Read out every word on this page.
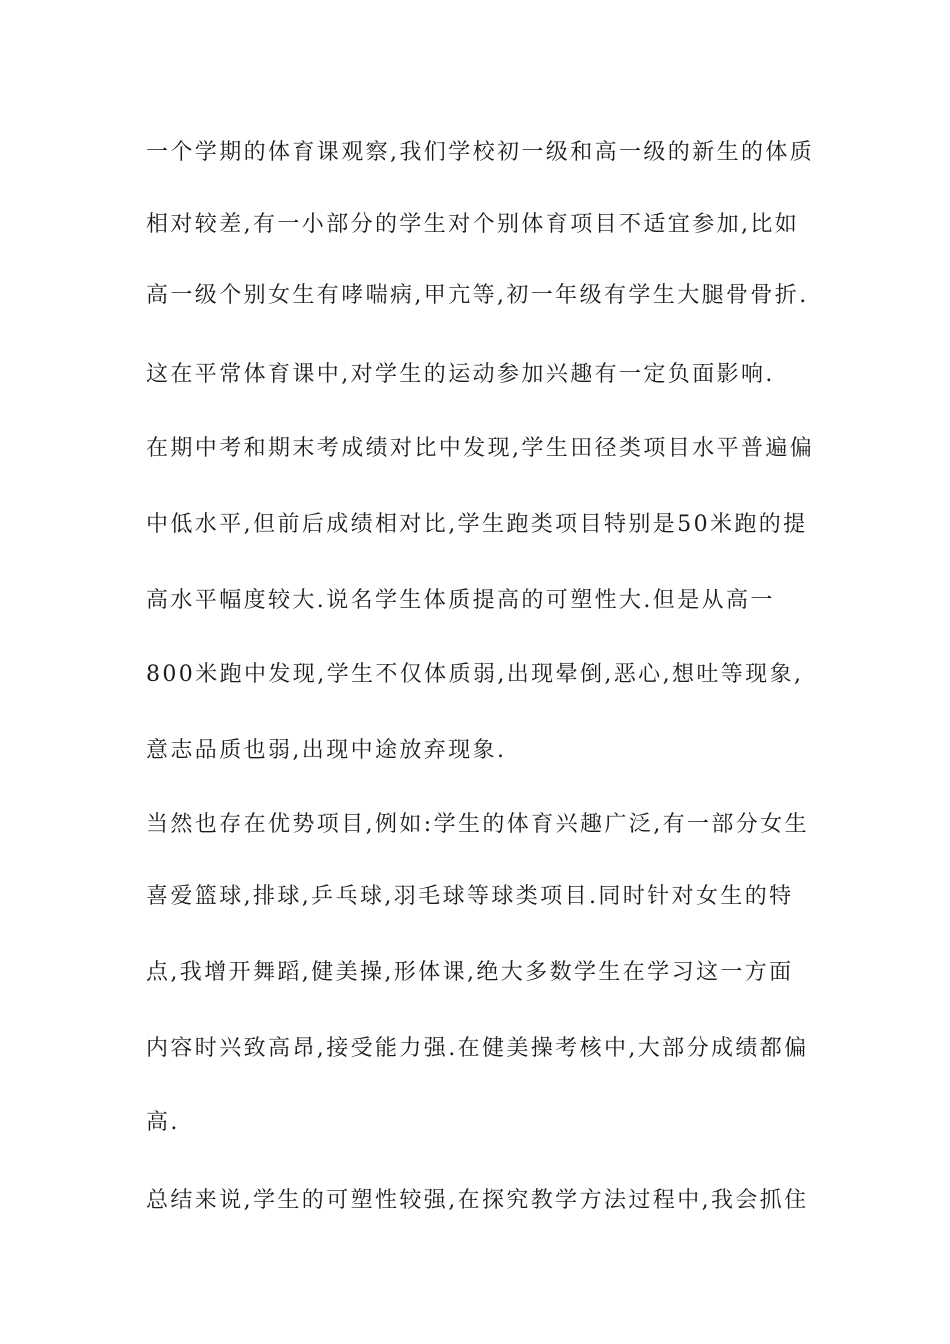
一个学期的体育课观察,我们学校初一级和高一级的新生的体质
相对较差,有一小部分的学生对个别体育项目不适宜参加,比如
高一级个别女生有哮喘病,甲亢等,初一年级有学生大腿骨骨折.
这在平常体育课中,对学生的运动参加兴趣有一定负面影响.
在期中考和期末考成绩对比中发现,学生田径类项目水平普遍偏
中低水平,但前后成绩相对比,学生跑类项目特别是50米跑的提
高水平幅度较大.说名学生体质提高的可塑性大.但是从高一
800米跑中发现,学生不仅体质弱,出现晕倒,恶心,想吐等现象,
意志品质也弱,出现中途放弃现象.
当然也存在优势项目,例如:学生的体育兴趣广泛,有一部分女生
喜爱篮球,排球,乒乓球,羽毛球等球类项目.同时针对女生的特
点,我增开舞蹈,健美操,形体课,绝大多数学生在学习这一方面
内容时兴致高昂,接受能力强.在健美操考核中,大部分成绩都偏
高.
总结来说,学生的可塑性较强,在探究教学方法过程中,我会抓住
